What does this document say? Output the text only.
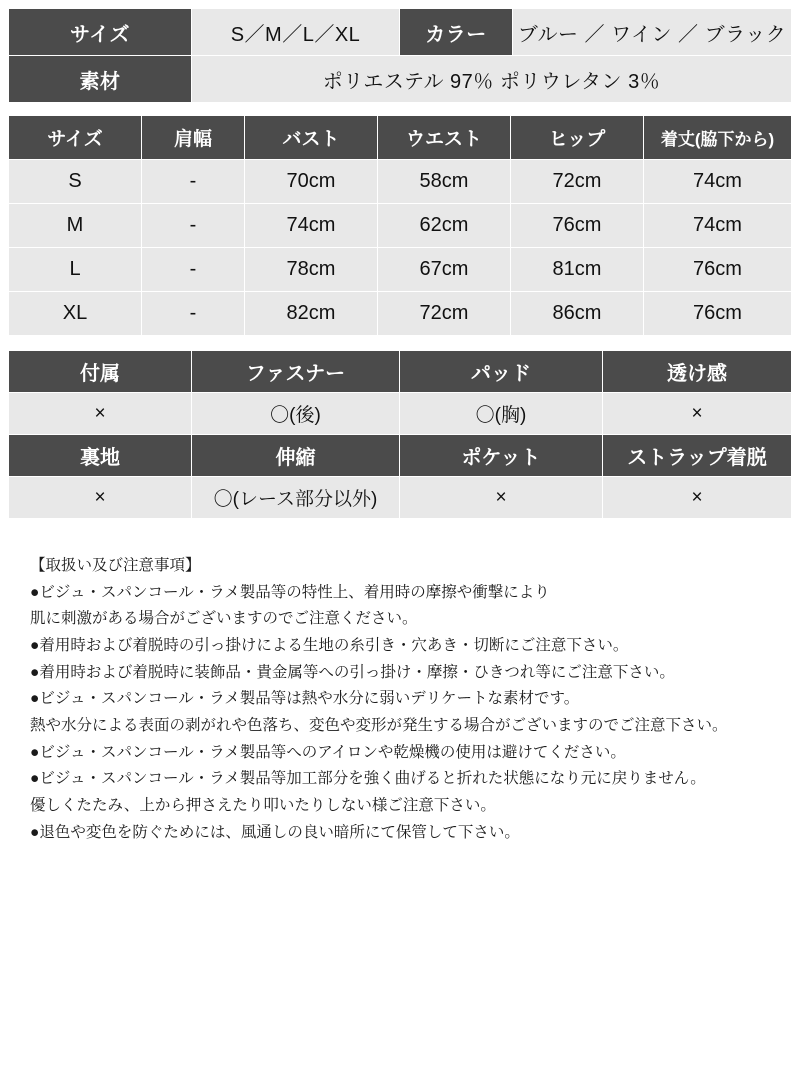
サイズ	S／M／L／XL	カラー	ブルー ／ ワイン ／ ブラック
素材	ポリエステル 97％ ポリウレタン 3％		
サイズ	肩幅	バスト	ウエスト	ヒップ	着丈(脇下から)
S	-	70cm	58cm	72cm	74cm
M	-	74cm	62cm	76cm	74cm
L	-	78cm	67cm	81cm	76cm
XL	-	82cm	72cm	86cm	76cm
付属	ファスナー	パッド	透け感
×	〇(後)	〇(胸)	×
裏地	伸縮	ポケット	ストラップ着脱
×	〇(レース部分以外)	×	×
【取扱い及び注意事項】
●ビジュ・スパンコール・ラメ製品等の特性上、着用時の摩擦や衝撃により
肌に刺激がある場合がございますのでご注意ください。
●着用時および着脱時の引っ掛けによる生地の糸引き・穴あき・切断にご注意下さい。
●着用時および着脱時に装飾品・貴金属等への引っ掛け・摩擦・ひきつれ等にご注意下さい。
●ビジュ・スパンコール・ラメ製品等は熱や水分に弱いデリケートな素材です。
熱や水分による表面の剥がれや色落ち、変色や変形が発生する場合がございますのでご注意下さい。
●ビジュ・スパンコール・ラメ製品等へのアイロンや乾燥機の使用は避けてください。
●ビジュ・スパンコール・ラメ製品等加工部分を強く曲げると折れた状態になり元に戻りません。
優しくたたみ、上から押さえたり叩いたりしない様ご注意下さい。
●退色や変色を防ぐためには、風通しの良い暗所にて保管して下さい。
